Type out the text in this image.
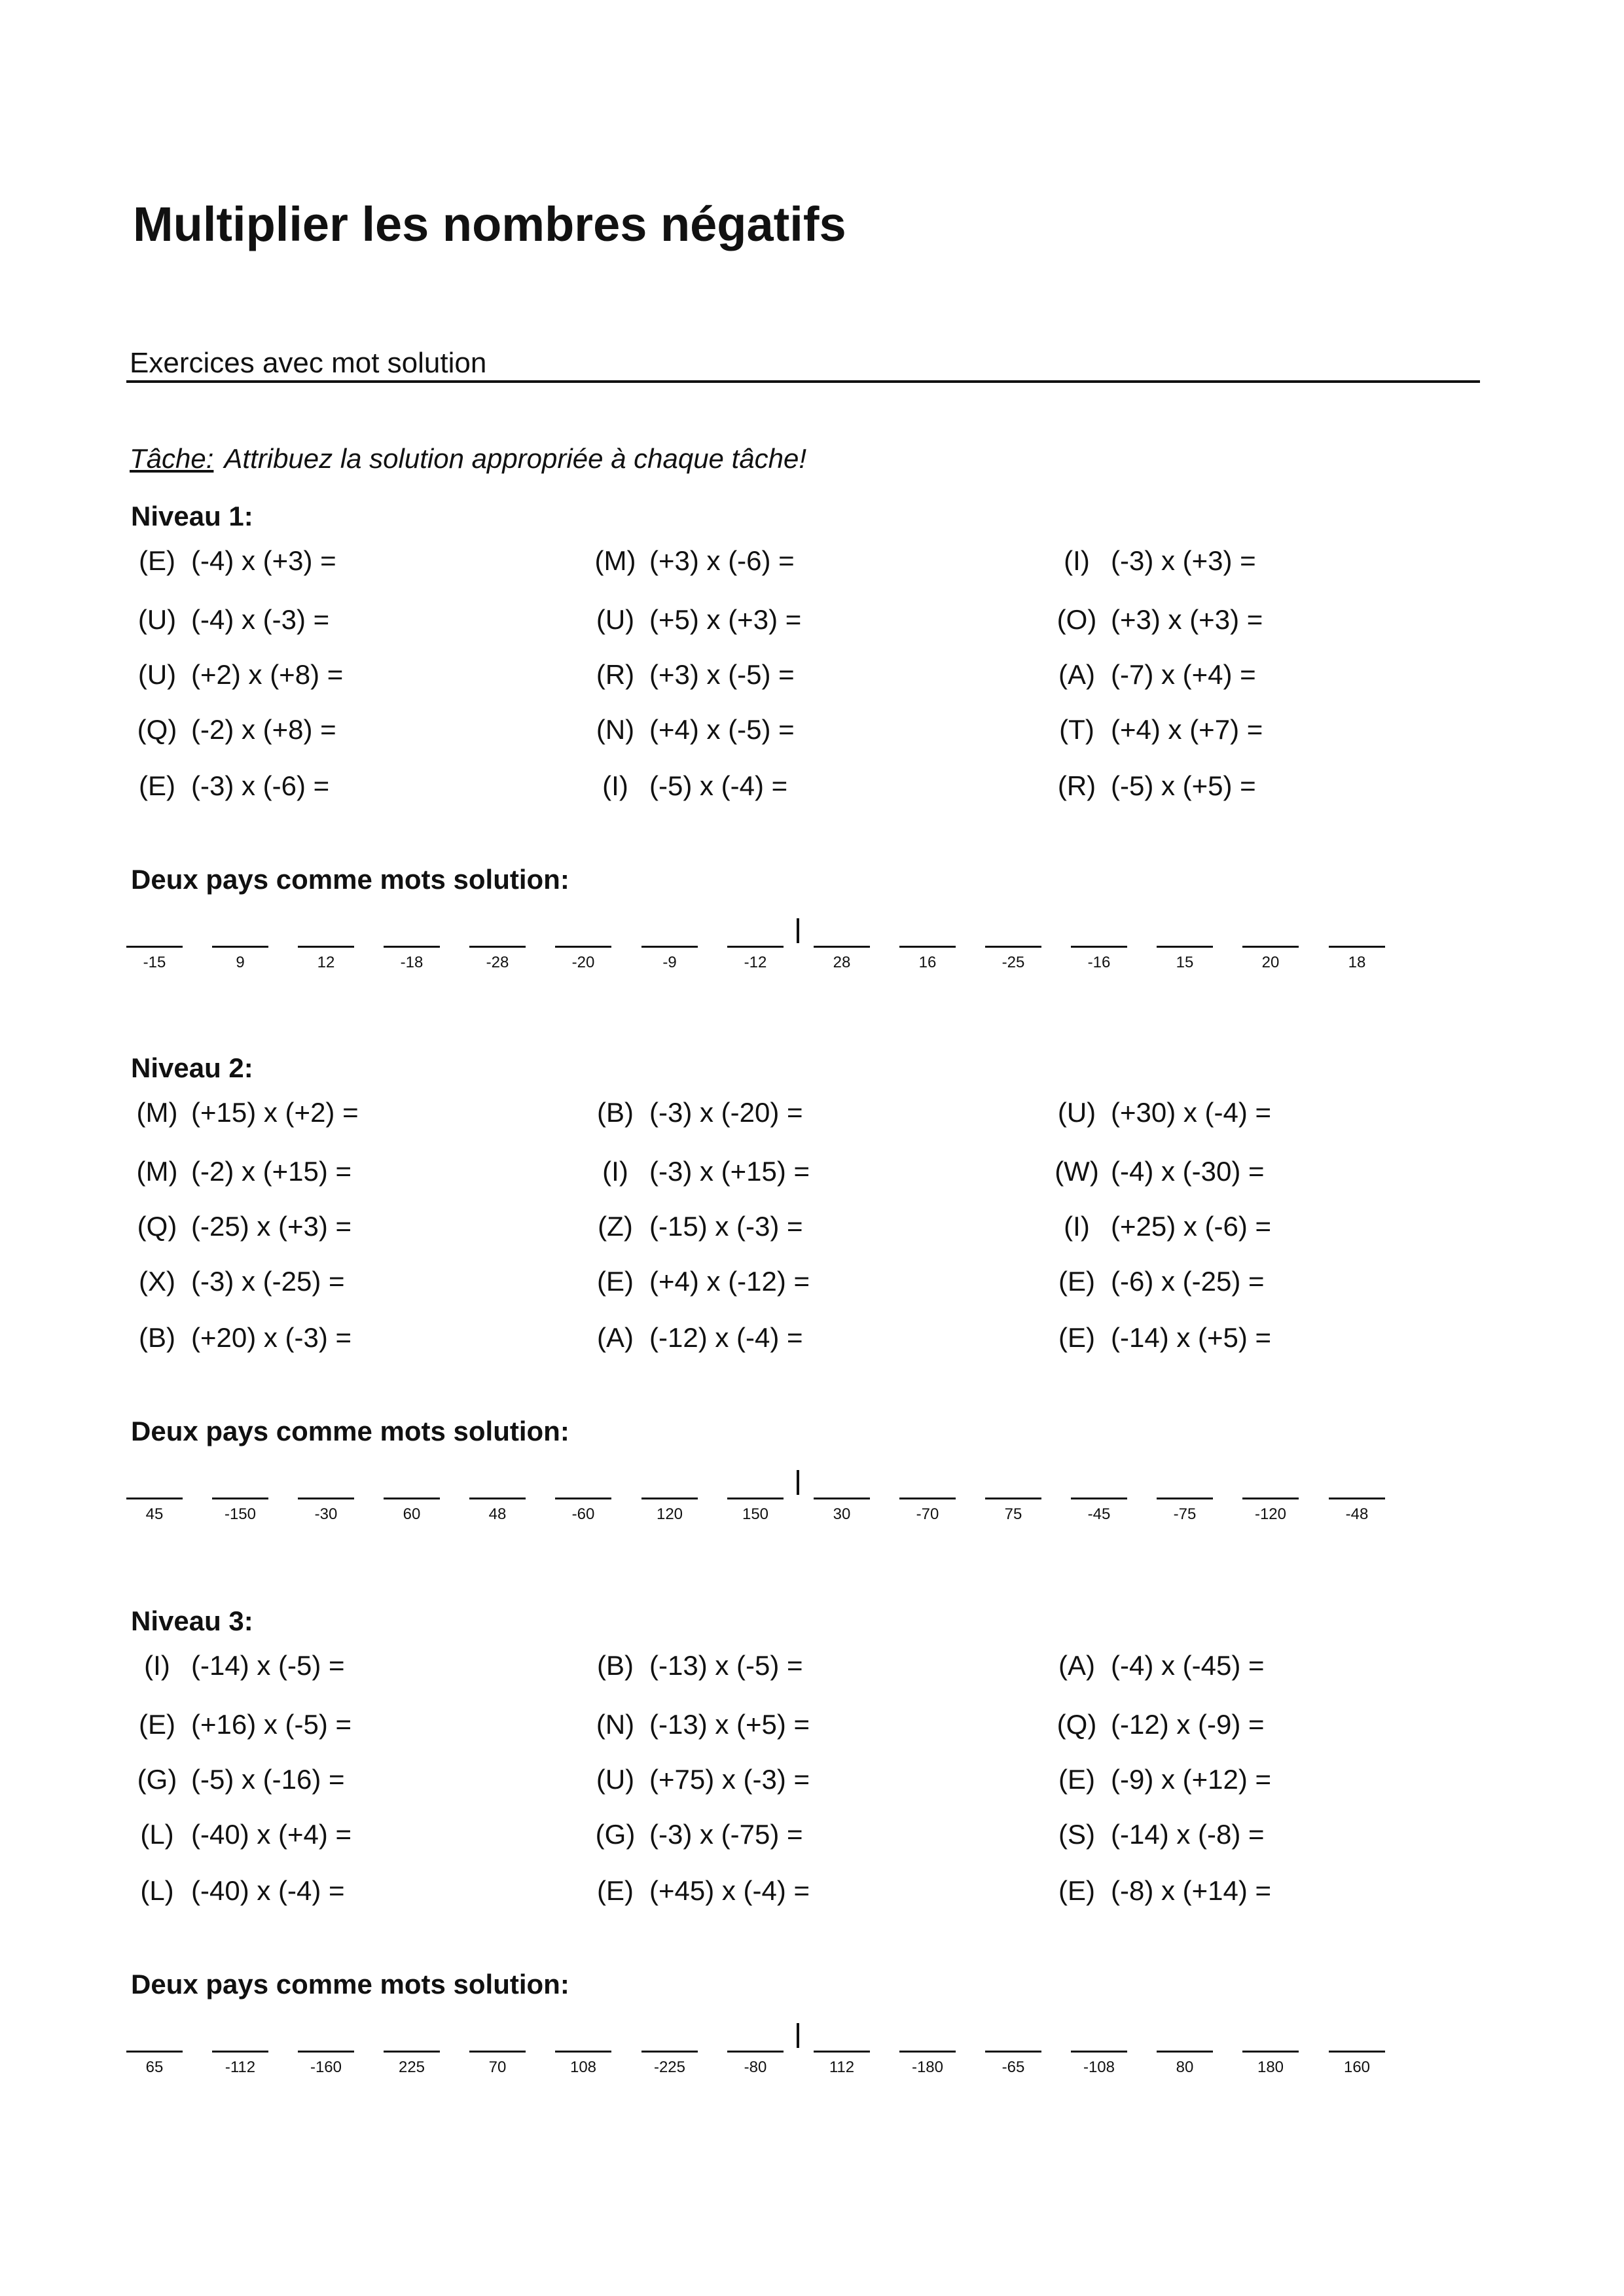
Multiplier les nombres négatifs
Exercices avec mot solution
Tâche: Attribuez la solution appropriée à chaque tâche!
Niveau 1:
(E) (-4) x (+3) =	(M) (+3) x (-6) =	(I) (-3) x (+3) =
(U) (-4) x (-3) =	(U) (+5) x (+3) =	(O) (+3) x (+3) =
(U) (+2) x (+8) =	(R) (+3) x (-5) =	(A) (-7) x (+4) =
(Q) (-2) x (+8) =	(N) (+4) x (-5) =	(T) (+4) x (+7) =
(E) (-3) x (-6) =	(I) (-5) x (-4) =	(R) (-5) x (+5) =
Deux pays comme mots solution:
-15	9	12	-18	-28	-20	-9	-12	28	16	-25	-16	15	20	18
Niveau 2:
(M) (+15) x (+2) =	(B) (-3) x (-20) =	(U) (+30) x (-4) =
(M) (-2) x (+15) =	(I) (-3) x (+15) =	(W) (-4) x (-30) =
(Q) (-25) x (+3) =	(Z) (-15) x (-3) =	(I) (+25) x (-6) =
(X) (-3) x (-25) =	(E) (+4) x (-12) =	(E) (-6) x (-25) =
(B) (+20) x (-3) =	(A) (-12) x (-4) =	(E) (-14) x (+5) =
Deux pays comme mots solution:
45	-150	-30	60	48	-60	120	150	30	-70	75	-45	-75	-120	-48
Niveau 3:
(I) (-14) x (-5) =	(B) (-13) x (-5) =	(A) (-4) x (-45) =
(E) (+16) x (-5) =	(N) (-13) x (+5) =	(Q) (-12) x (-9) =
(G) (-5) x (-16) =	(U) (+75) x (-3) =	(E) (-9) x (+12) =
(L) (-40) x (+4) =	(G) (-3) x (-75) =	(S) (-14) x (-8) =
(L) (-40) x (-4) =	(E) (+45) x (-4) =	(E) (-8) x (+14) =
Deux pays comme mots solution:
65	-112	-160	225	70	108	-225	-80	112	-180	-65	-108	80	180	160
